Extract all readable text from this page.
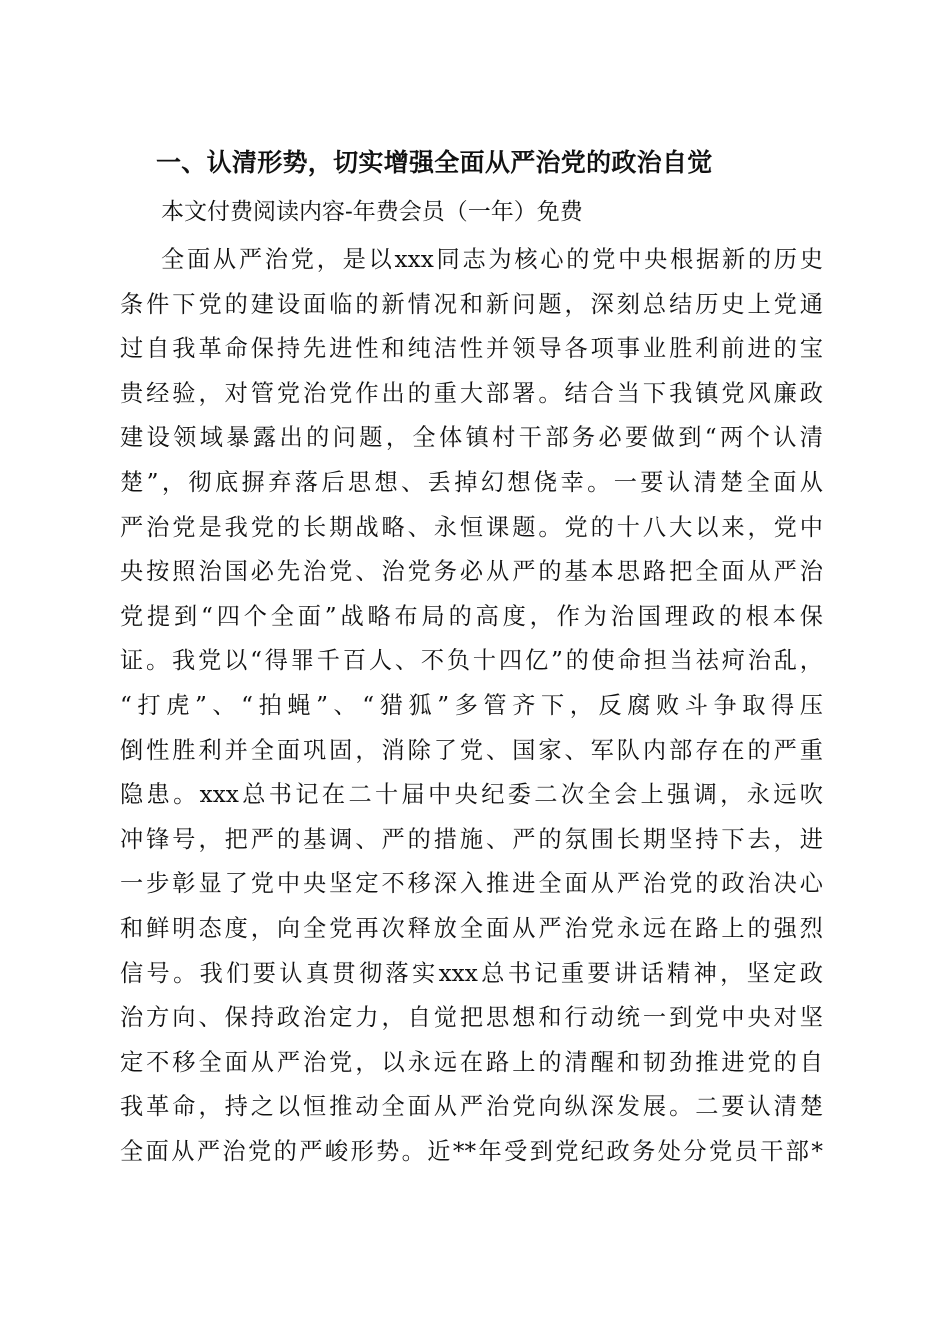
一、认清形势，切实增强全面从严治党的政治自觉
本文付费阅读内容-年费会员（一年）免费
全面从严治党，是以xxx同志为核心的党中央根据新的历史
条件下党的建设面临的新情况和新问题，深刻总结历史上党通
过自我革命保持先进性和纯洁性并领导各项事业胜利前进的宝
贵经验，对管党治党作出的重大部署。结合当下我镇党风廉政
建设领域暴露出的问题，全体镇村干部务必要做到“两个认清
楚”，彻底摒弃落后思想、丢掉幻想侥幸。一要认清楚全面从
严治党是我党的长期战略、永恒课题。党的十八大以来，党中
央按照治国必先治党、治党务必从严的基本思路把全面从严治
党提到“四个全面”战略布局的高度，作为治国理政的根本保
证。我党以“得罪千百人、不负十四亿”的使命担当祛疴治乱，
“打虎”、“拍蝇”、“猎狐”多管齐下，反腐败斗争取得压
倒性胜利并全面巩固，消除了党、国家、军队内部存在的严重
隐患。xxx总书记在二十届中央纪委二次全会上强调，永远吹
冲锋号，把严的基调、严的措施、严的氛围长期坚持下去，进
一步彰显了党中央坚定不移深入推进全面从严治党的政治决心
和鲜明态度，向全党再次释放全面从严治党永远在路上的强烈
信号。我们要认真贯彻落实xxx总书记重要讲话精神，坚定政
治方向、保持政治定力，自觉把思想和行动统一到党中央对坚
定不移全面从严治党，以永远在路上的清醒和韧劲推进党的自
我革命，持之以恒推动全面从严治党向纵深发展。二要认清楚
全面从严治党的严峻形势。近**年受到党纪政务处分党员干部*
